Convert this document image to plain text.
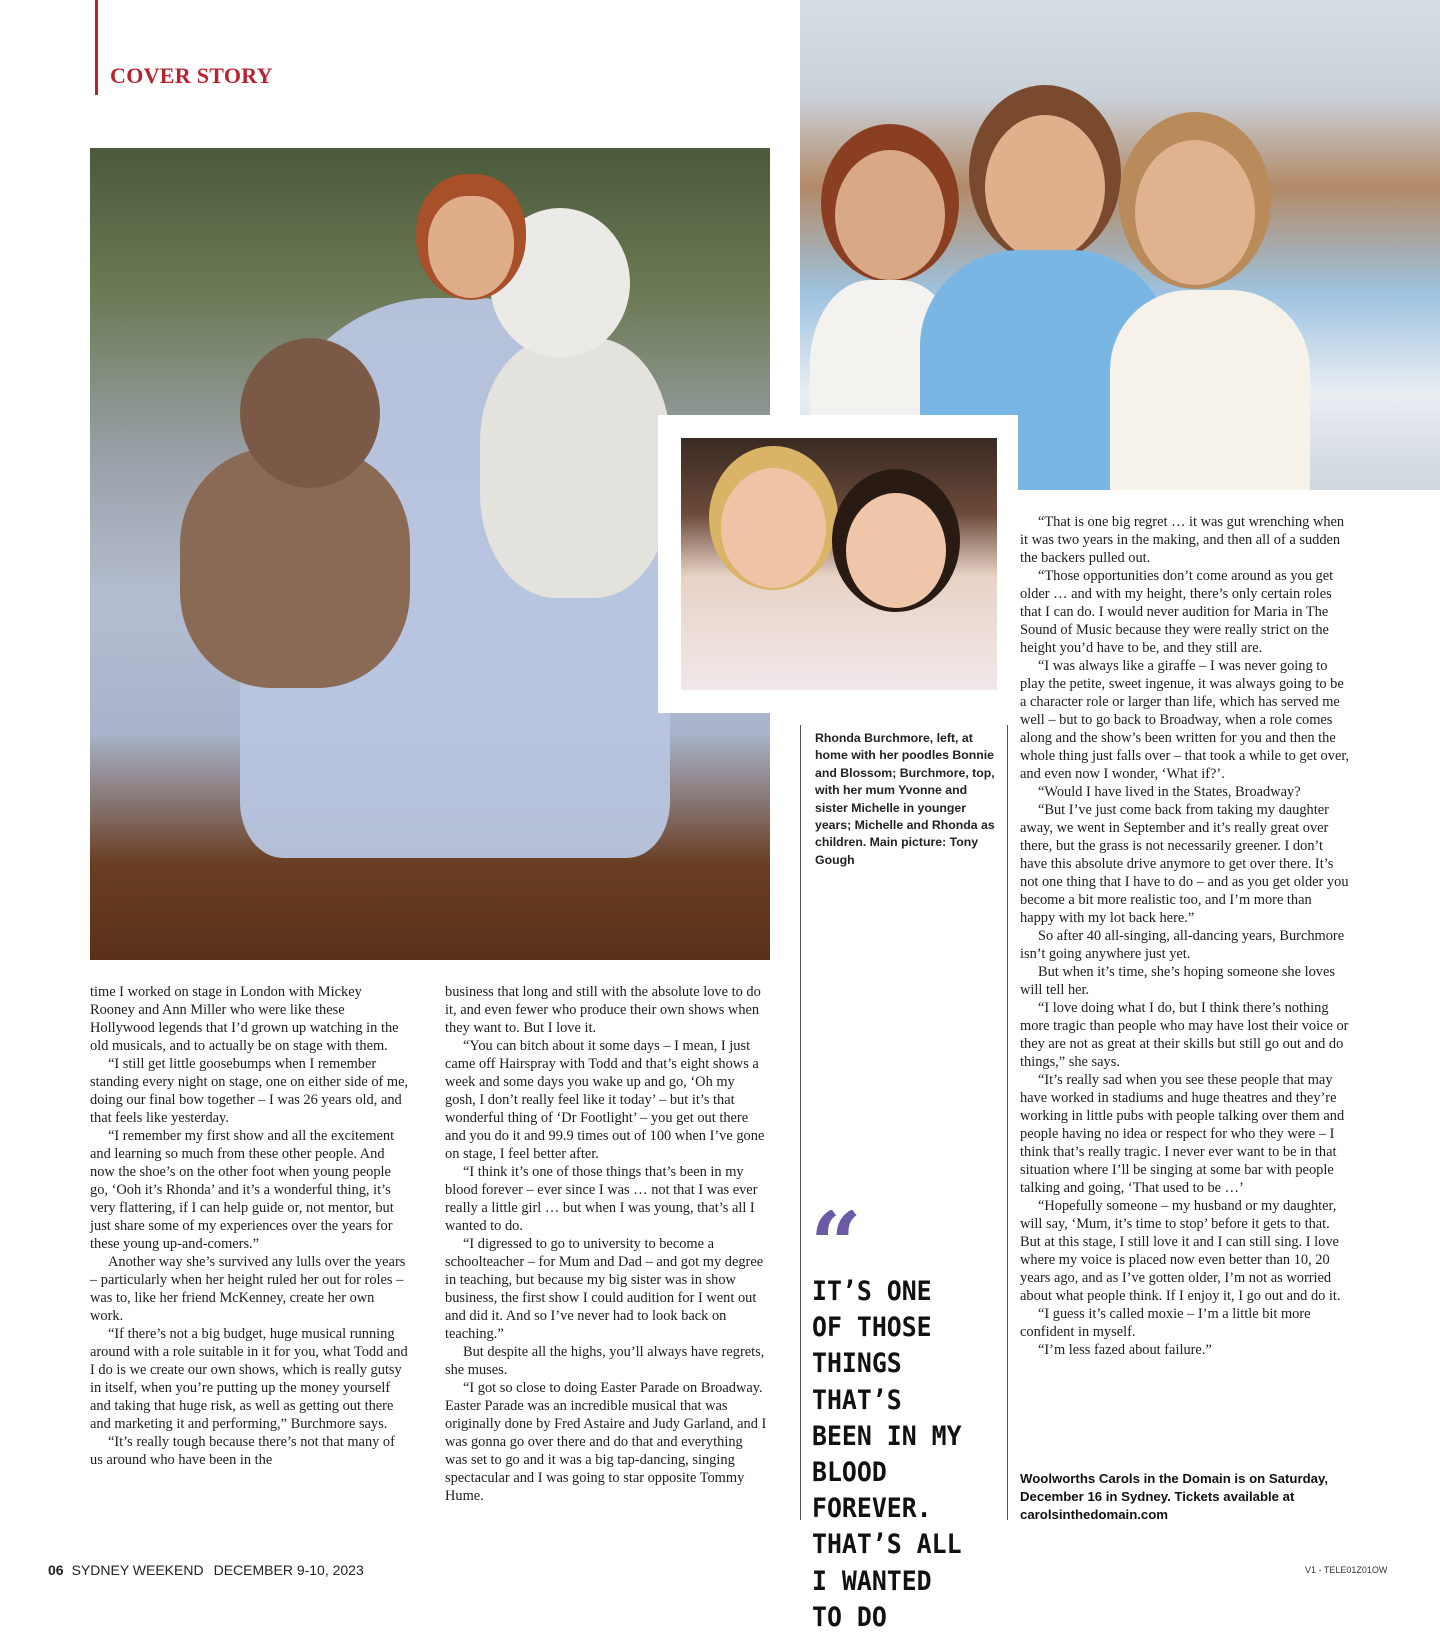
COVER STORY
Rhonda Burchmore, left, at home with her poodles Bonnie and Blossom; Burchmore, top, with her mum Yvonne and sister Michelle in younger years; Michelle and Rhonda as children. Main picture: Tony Gough

time I worked on stage in London with Mickey Rooney and Ann Miller who were like these Hollywood legends that I’d grown up watching in the old musicals, and to actually be on stage with them.

“I still get little goosebumps when I remember standing every night on stage, one on either side of me, doing our final bow together – I was 26 years old, and that feels like yesterday.

“I remember my first show and all the excitement and learning so much from these other people. And now the shoe’s on the other foot when young people go, ‘Ooh it’s Rhonda’ and it’s a wonderful thing, it’s very flattering, if I can help guide or, not mentor, but just share some of my experiences over the years for these young up-and-comers.”

Another way she’s survived any lulls over the years – particularly when her height ruled her out for roles – was to, like her friend McKenney, create her own work.

“If there’s not a big budget, huge musical running around with a role suitable in it for you, what Todd and I do is we create our own shows, which is really gutsy in itself, when you’re putting up the money yourself and taking that huge risk, as well as getting out there and marketing it and performing,” Burchmore says.

“It’s really tough because there’s not that many of us around who have been in the

business that long and still with the absolute love to do it, and even fewer who produce their own shows when they want to. But I love it.

“You can bitch about it some days – I mean, I just came off Hairspray with Todd and that’s eight shows a week and some days you wake up and go, ‘Oh my gosh, I don’t really feel like it today’ – but it’s that wonderful thing of ‘Dr Footlight’ – you get out there and you do it and 99.9 times out of 100 when I’ve gone on stage, I feel better after.

“I think it’s one of those things that’s been in my blood forever – ever since I was … not that I was ever really a little girl … but when I was young, that’s all I wanted to do.

“I digressed to go to university to become a schoolteacher – for Mum and Dad – and got my degree in teaching, but because my big sister was in show business, the first show I could audition for I went out and did it. And so I’ve never had to look back on teaching.”

But despite all the highs, you’ll always have regrets, she muses.

“I got so close to doing Easter Parade on Broadway. Easter Parade was an incredible musical that was originally done by Fred Astaire and Judy Garland, and I was gonna go over there and do that and everything was set to go and it was a big tap-dancing, singing spectacular and I was going to star opposite Tommy Hume.

“
IT’S ONE OF THOSE THINGS THAT’S BEEN IN MY BLOOD FOREVER. THAT’S ALL I WANTED TO DO

“That is one big regret … it was gut wrenching when it was two years in the making, and then all of a sudden the backers pulled out.

“Those opportunities don’t come around as you get older … and with my height, there’s only certain roles that I can do. I would never audition for Maria in The Sound of Music because they were really strict on the height you’d have to be, and they still are.

“I was always like a giraffe – I was never going to play the petite, sweet ingenue, it was always going to be a character role or larger than life, which has served me well – but to go back to Broadway, when a role comes along and the show’s been written for you and then the whole thing just falls over – that took a while to get over, and even now I wonder, ‘What if?’.

“Would I have lived in the States, Broadway?

“But I’ve just come back from taking my daughter away, we went in September and it’s really great over there, but the grass is not necessarily greener. I don’t have this absolute drive anymore to get over there. It’s not one thing that I have to do – and as you get older you become a bit more realistic too, and I’m more than happy with my lot back here.”

So after 40 all-singing, all-dancing years, Burchmore isn’t going anywhere just yet.

But when it’s time, she’s hoping someone she loves will tell her.

“I love doing what I do, but I think there’s nothing more tragic than people who may have lost their voice or they are not as great at their skills but still go out and do things,” she says.

“It’s really sad when you see these people that may have worked in stadiums and huge theatres and they’re working in little pubs with people talking over them and people having no idea or respect for who they were – I think that’s really tragic. I never ever want to be in that situation where I’ll be singing at some bar with people talking and going, ‘That used to be …’

“Hopefully someone – my husband or my daughter, will say, ‘Mum, it’s time to stop’ before it gets to that. But at this stage, I still love it and I can still sing. I love where my voice is placed now even better than 10, 20 years ago, and as I’ve gotten older, I’m not as worried about what people think. If I enjoy it, I go out and do it.

“I guess it’s called moxie – I’m a little bit more confident in myself.

“I’m less fazed about failure.”

Woolworths Carols in the Domain is on Saturday, December 16 in Sydney. Tickets available at carolsinthedomain.com
06 SYDNEY WEEKEND DECEMBER 9-10, 2023	V1 - TELE01Z01OW
